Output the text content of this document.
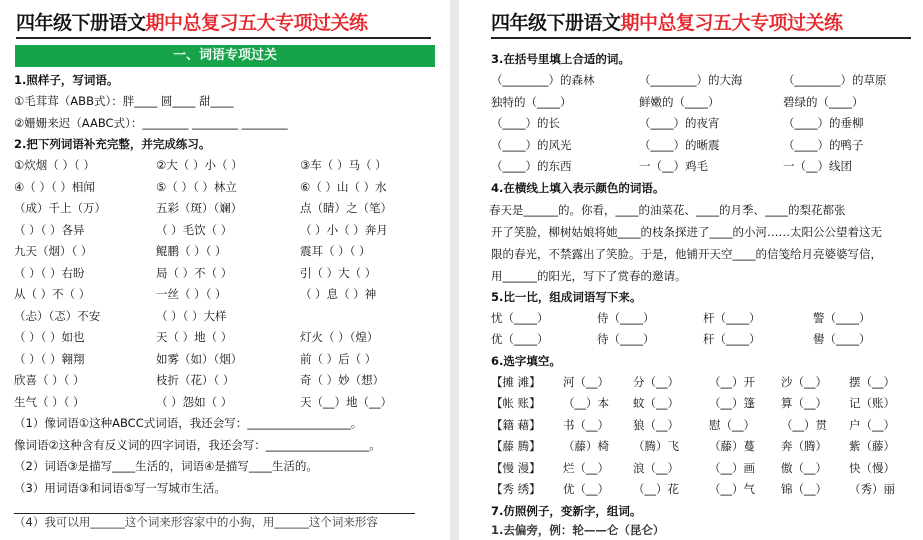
四年级下册语文期中总复习五大专项过关练
一、词语专项过关
1.照样子，写词语。
①毛茸茸（ABB式）：胖____ 圆____ 甜____
②姗姗来迟（AABC式）：________ ________ ________
2.把下列词语补充完整，并完成练习。
①炊烟（ ）（ ）	②大（ ）小（ ）	③车（ ）马（ ）
④（ ）（ ）相闻	⑤（ ）（ ）林立	⑥（ ）山（ ）水
（成）千上（万）	五彩（斑）（斓）	点（睛）之（笔）
（ ）（ ）各异	（ ）毛饮（ ）	（ ）小（ ）奔月
九天（烟）（ ）	鲲鹏（ ）（ ）	震耳（ ）（ ）
（ ）（ ）右盼	局（ ）不（ ）	引（ ）大（ ）
从（ ）不（ ）	一丝（ ）（ ）	（ ）息（ ）神
（忐）（忑）不安	（ ）（ ）大样
（ ）（ ）如也	天（ ）地（ ）	灯火（ ）（煌）
（ ）（ ）翱翔	如雾（如）（烟）	前（ ）后（ ）
欣喜（ ）（ ）	枝折（花）（ ）	奇（ ）妙（想）
生气（ ）（ ）	（ ）怨如（ ）	天（__）地（__）
（1）像词语①这种ABCC式词语，我还会写：__________________。
像词语②这种含有反义词的四字词语，我还会写：__________________。
（2）词语③是描写____生活的，词语④是描写____生活的。
（3）用词语③和词语⑤写一写城市生活。
（4）我可以用______这个词来形容家中的小狗，用______这个词来形容
四年级下册语文期中总复习五大专项过关练
3.在括号里填上合适的词。
（________）的森林	（________）的大海	（________）的草原
独特的（____）	鲜嫩的（____）	碧绿的（____）
（____）的长	（____）的夜宵	（____）的垂柳
（____）的风光	（____）的晰震	（____）的鸭子
（____）的东西	一（__）鸡毛	一（__）线团
4.在横线上填入表示颜色的词语。
春天是______的。你看，____的油菜花、____的月季、____的梨花都张
开了笑脸，柳树姑娘将她____的枝条探进了____的小河……太阳公公望着这无
限的春光，不禁露出了笑脸。于是，他铺开天空____的信笺给月亮婆婆写信，
用______的阳光，写下了赏春的邀请。
5.比一比，组成词语写下来。
忧（____）	侍（____）	杆（____）	警（____）
优（____）	待（____）	秆（____）	嚳（____）
6.选字填空。
【摊 滩】 河（__） 分（__）	（__）开 沙（__） 摆（__）
【帐 账】 （__）本 蚊（__）	（__）篷 算（__） 记（账）
【籍 藉】 书（__） 狼（__）	慰（__） （__）贯 户（__）
【藤 腾】 （藤）椅 （腾）飞	（藤）蔓 奔（腾） 紫（藤）
【慢 漫】 烂（__） 浪（__）	（__）画 傲（__） 快（慢）
【秀 绣】 优（__） （__）花	（__）气 锦（__） （秀）丽
7.仿照例子，变新字，组词。
1.去偏旁，例：轮——仑（昆仑）
